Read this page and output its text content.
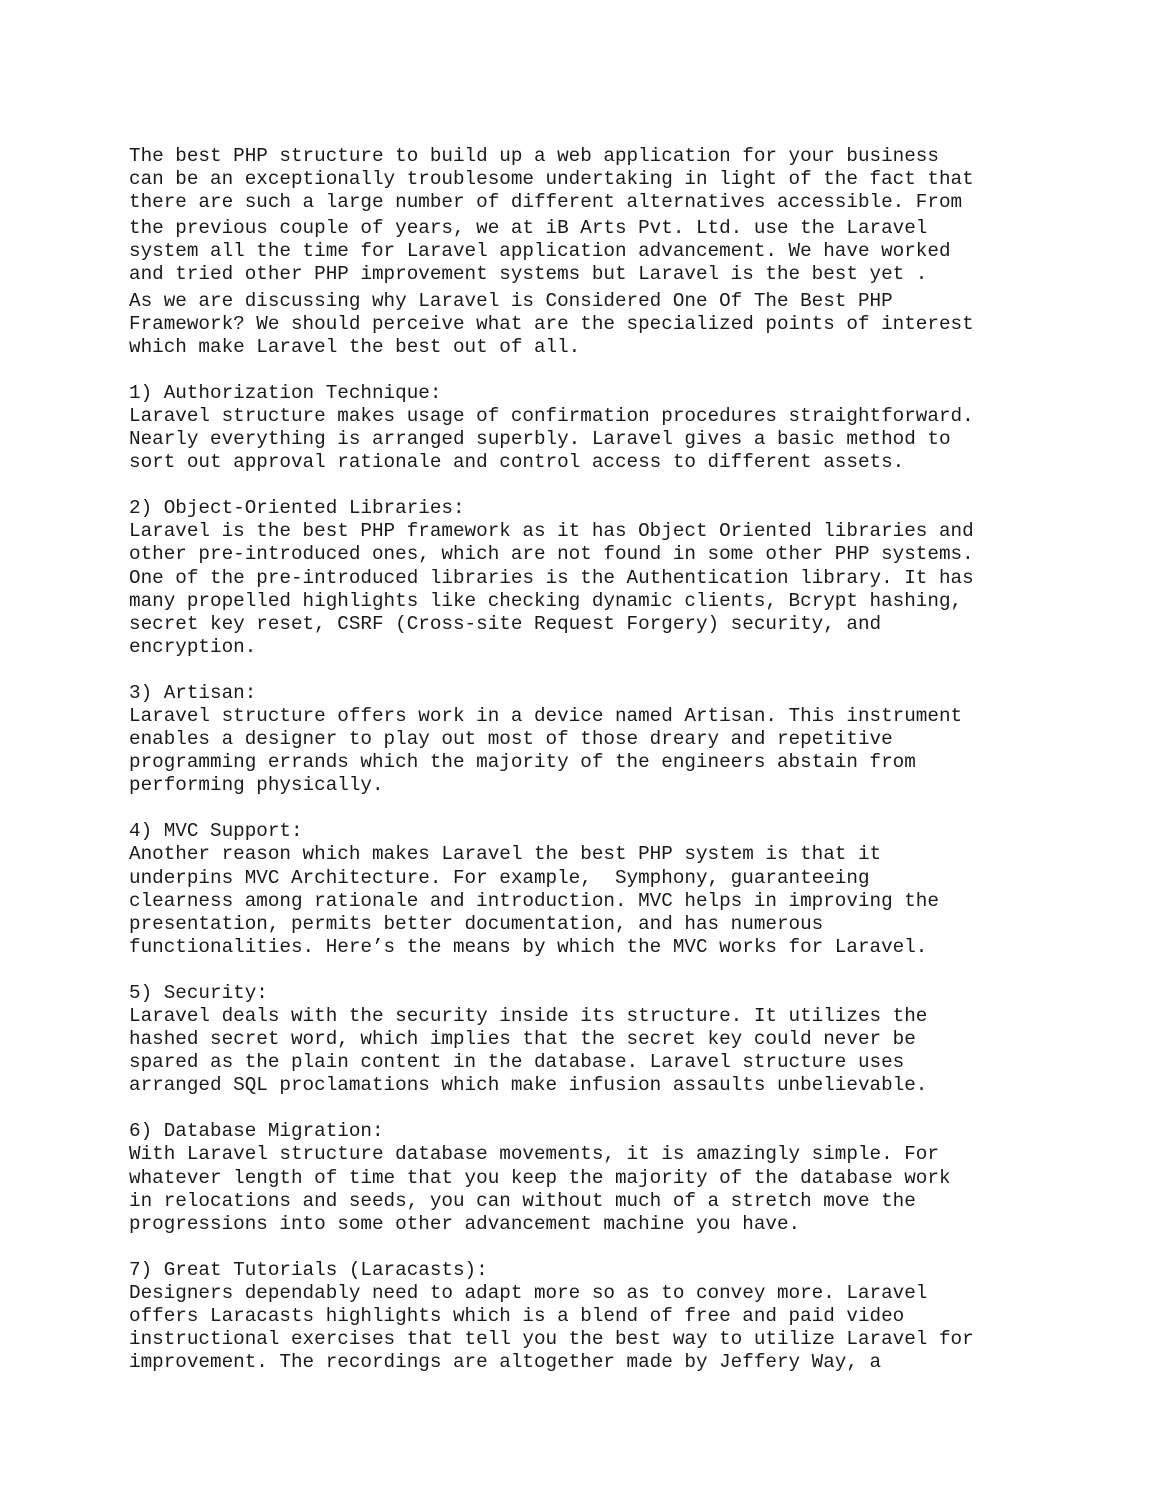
The best PHP structure to build up a web application for your business
can be an exceptionally troublesome undertaking in light of the fact that
there are such a large number of different alternatives accessible. From
the previous couple of years, we at iB Arts Pvt. Ltd. use the Laravel
system all the time for Laravel application advancement. We have worked
and tried other PHP improvement systems but Laravel is the best yet .
As we are discussing why Laravel is Considered One Of The Best PHP
Framework? We should perceive what are the specialized points of interest
which make Laravel the best out of all.
1) Authorization Technique:
Laravel structure makes usage of confirmation procedures straightforward.
Nearly everything is arranged superbly. Laravel gives a basic method to
sort out approval rationale and control access to different assets.
2) Object-Oriented Libraries:
Laravel is the best PHP framework as it has Object Oriented libraries and
other pre-introduced ones, which are not found in some other PHP systems.
One of the pre-introduced libraries is the Authentication library. It has
many propelled highlights like checking dynamic clients, Bcrypt hashing,
secret key reset, CSRF (Cross-site Request Forgery) security, and
encryption.
3) Artisan:
Laravel structure offers work in a device named Artisan. This instrument
enables a designer to play out most of those dreary and repetitive
programming errands which the majority of the engineers abstain from
performing physically.
4) MVC Support:
Another reason which makes Laravel the best PHP system is that it
underpins MVC Architecture. For example,  Symphony, guaranteeing
clearness among rationale and introduction. MVC helps in improving the
presentation, permits better documentation, and has numerous
functionalities. Here’s the means by which the MVC works for Laravel.
5) Security:
Laravel deals with the security inside its structure. It utilizes the
hashed secret word, which implies that the secret key could never be
spared as the plain content in the database. Laravel structure uses
arranged SQL proclamations which make infusion assaults unbelievable.
6) Database Migration:
With Laravel structure database movements, it is amazingly simple. For
whatever length of time that you keep the majority of the database work
in relocations and seeds, you can without much of a stretch move the
progressions into some other advancement machine you have.
7) Great Tutorials (Laracasts):
Designers dependably need to adapt more so as to convey more. Laravel
offers Laracasts highlights which is a blend of free and paid video
instructional exercises that tell you the best way to utilize Laravel for
improvement. The recordings are altogether made by Jeffery Way, a
